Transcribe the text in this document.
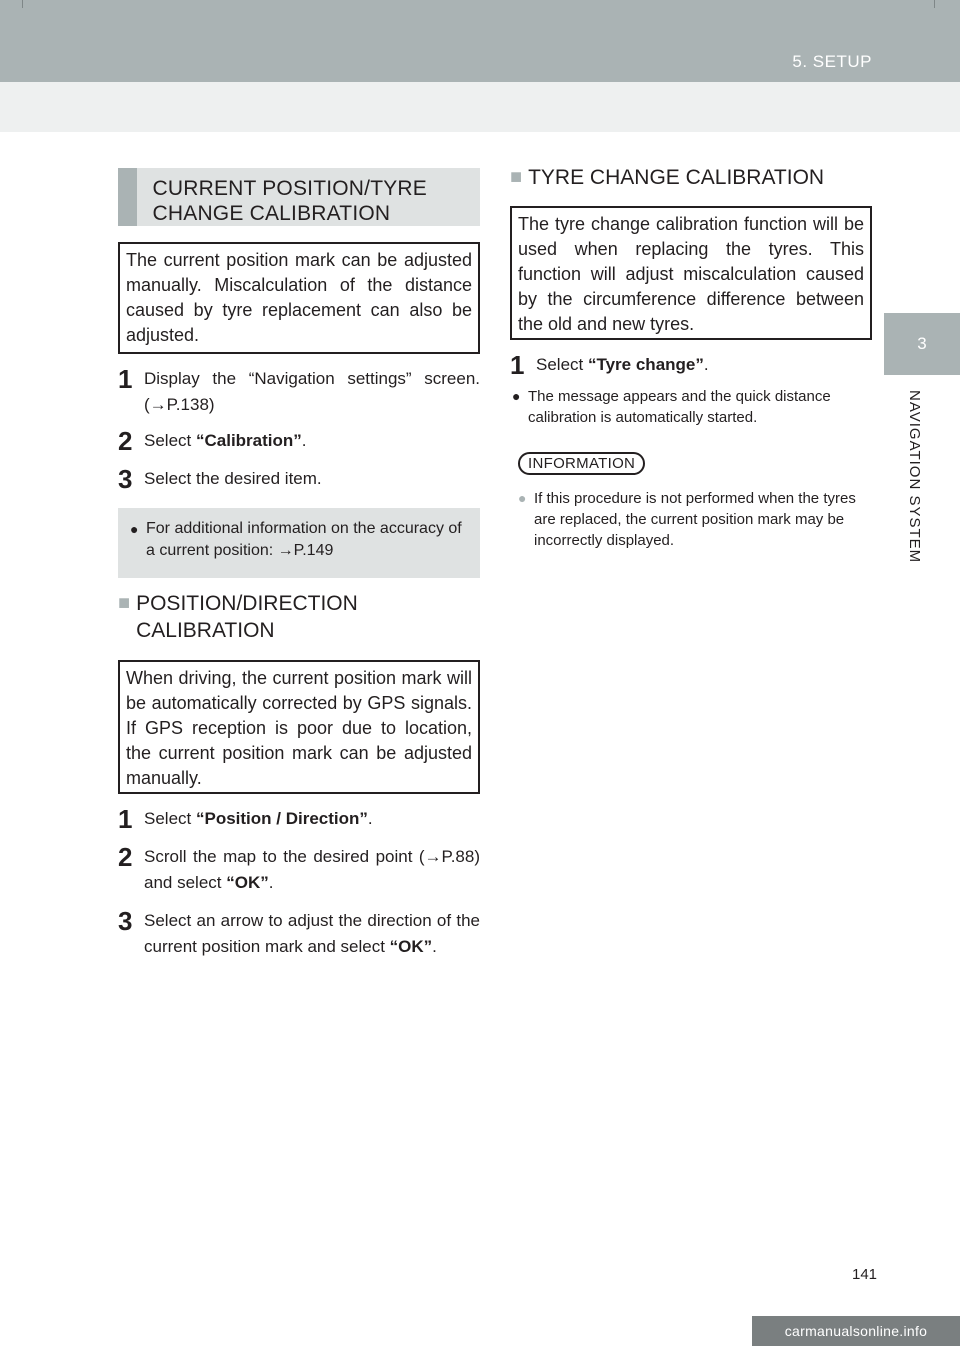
5. SETUP
3
NAVIGATION SYSTEM
CURRENT POSITION/TYRE CHANGE CALIBRATION
The current position mark can be adjusted manually. Miscalculation of the distance caused by tyre replacement can also be adjusted.
1 Display the “Navigation settings” screen. (→P.138)
2 Select “Calibration”.
3 Select the desired item.
● For additional information on the accuracy of a current position: →P.149
■ POSITION/DIRECTION CALIBRATION
When driving, the current position mark will be automatically corrected by GPS signals. If GPS reception is poor due to location, the current position mark can be adjusted manually.
1 Select “Position / Direction”.
2 Scroll the map to the desired point (→P.88) and select “OK”.
3 Select an arrow to adjust the direction of the current position mark and select “OK”.
■ TYRE CHANGE CALIBRATION
The tyre change calibration function will be used when replacing the tyres. This function will adjust miscalculation caused by the circumference difference between the old and new tyres.
1 Select “Tyre change”.
● The message appears and the quick distance calibration is automatically started.
INFORMATION
● If this procedure is not performed when the tyres are replaced, the current position mark may be incorrectly displayed.
141
carmanualsonline.info
